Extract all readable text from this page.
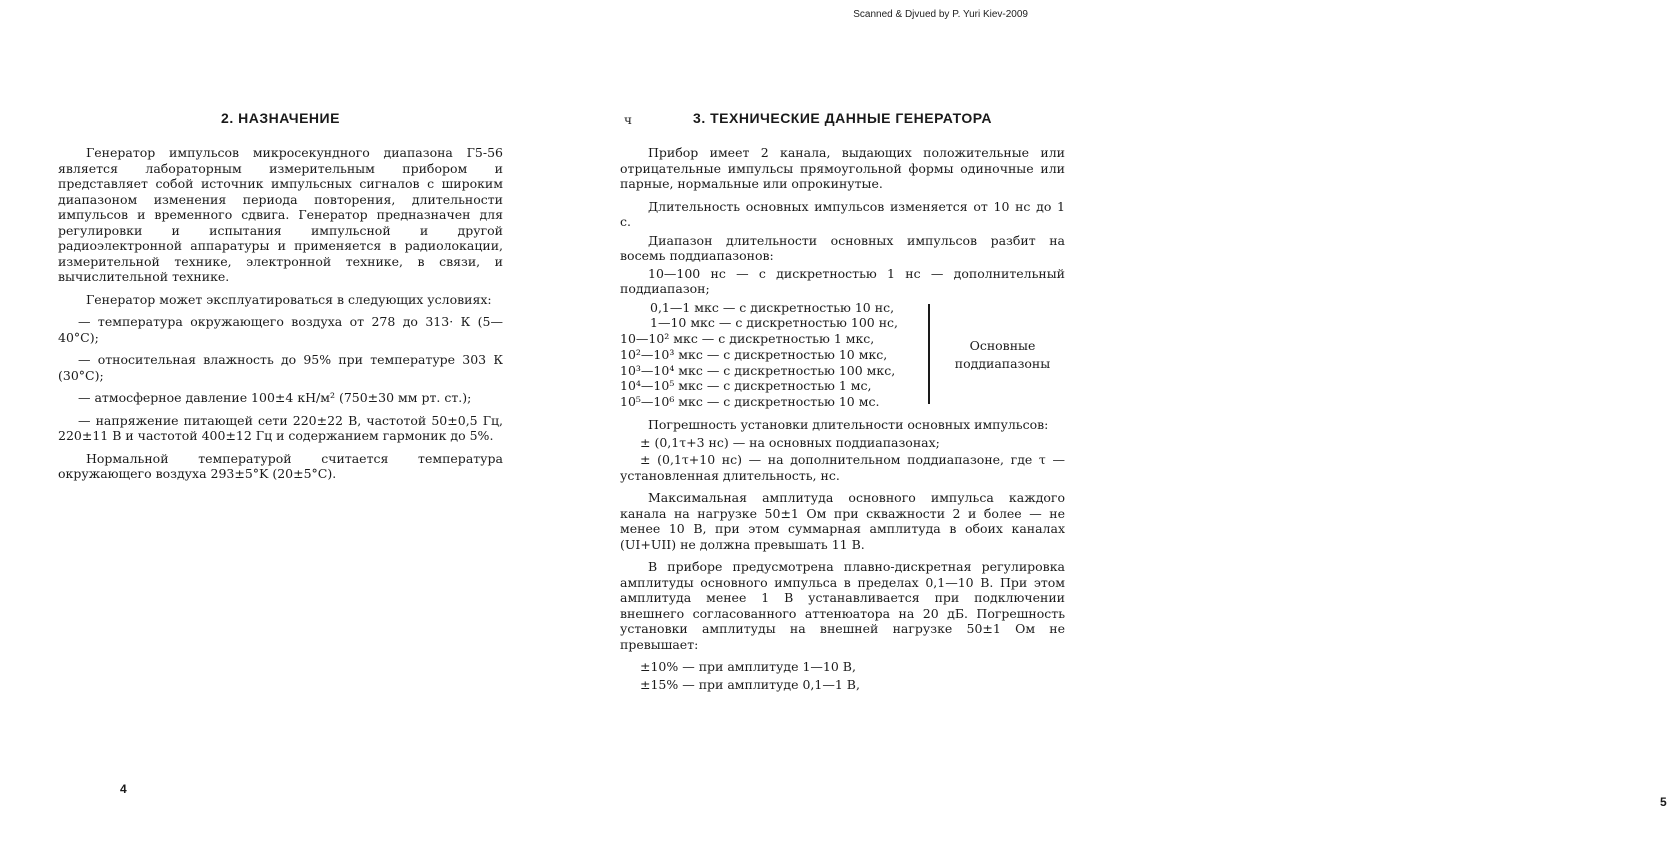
Scanned & Djvued by P. Yuri Kiev-2009
2. НАЗНАЧЕНИЕ

Генератор импульсов микросекундного диапазона Г5-56 является лабораторным измерительным прибором и представляет собой источник импульсных сигналов с широким диапазоном изменения периода повторения, длительности импульсов и временного сдвига. Генератор предназначен для регулировки и испытания импульсной и другой радиоэлектронной аппаратуры и применяется в радиолокации, измерительной технике, электронной технике, в связи, и вычислительной технике.

Генератор может эксплуатироваться в следующих условиях:

— температура окружающего воздуха от 278 до 313· К (5—40°C);

— относительная влажность до 95% при температуре 303 К (30°C);

— атмосферное давление 100±4 кН/м² (750±30 мм рт. ст.);

— напряжение питающей сети 220±22 В, частотой 50±0,5 Гц, 220±11 В и частотой 400±12 Гц и содержанием гармоник до 5%.

Нормальной температурой считается температура окружающего воздуха 293±5°K (20±5°C).

4
ч	3. ТЕХНИЧЕСКИЕ ДАННЫЕ ГЕНЕРАТОРА

Прибор имеет 2 канала, выдающих положительные или отрицательные импульсы прямоугольной формы одиночные или парные, нормальные или опрокинутые.

Длительность основных импульсов изменяется от 10 нс до 1 с.

Диапазон длительности основных импульсов разбит на восемь поддиапазонов:

10—100 нс — с дискретностью 1 нс — дополнительный поддиапазон;

0,1—1 мкс — с дискретностью 10 нс,
1—10 мкс — с дискретностью 100 нс,
10—10² мкс — с дискретностью 1 мкс,
10²—10³ мкс — с дискретностью 10 мкс,
10³—10⁴ мкс — с дискретностью 100 мкс,
10⁴—10⁵ мкс — с дискретностью 1 мс,
10⁵—10⁶ мкс — с дискретностью 10 мс.
Основные поддиапазоны

Погрешность установки длительности основных импульсов:

± (0,1τ+3 нс) — на основных поддиапазонах;

± (0,1τ+10 нс) — на дополнительном поддиапазоне, где τ — установленная длительность, нс.

Максимальная амплитуда основного импульса каждого канала на нагрузке 50±1 Ом при скважности 2 и более — не менее 10 В, при этом суммарная амплитуда в обоих каналах (UI+UII) не должна превышать 11 В.

В приборе предусмотрена плавно-дискретная регулировка амплитуды основного импульса в пределах 0,1—10 В. При этом амплитуда менее 1 В устанавливается при подключении внешнего согласованного аттенюатора на 20 дБ. Погрешность установки амплитуды на внешней нагрузке 50±1 Ом не превышает:

±10% — при амплитуде 1—10 В,

±15% — при амплитуде 0,1—1 В,

5
